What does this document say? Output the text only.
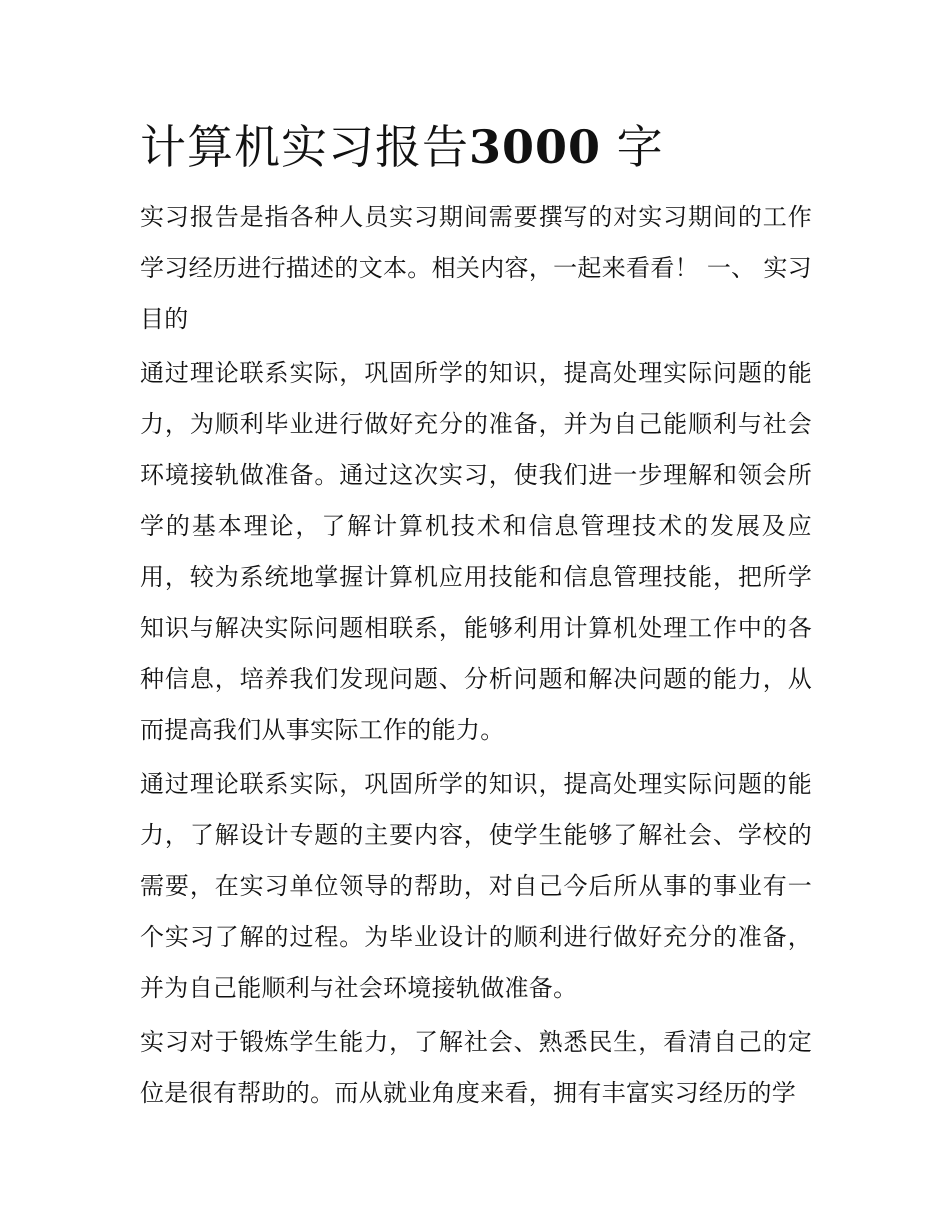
计算机实习报告3000 字

实习报告是指各种人员实习期间需要撰写的对实习期间的工作学习经历进行描述的文本。相关内容，一起来看看！ 一、 实习目的

通过理论联系实际，巩固所学的知识，提高处理实际问题的能力，为顺利毕业进行做好充分的准备，并为自己能顺利与社会环境接轨做准备。通过这次实习，使我们进一步理解和领会所学的基本理论，了解计算机技术和信息管理技术的发展及应用，较为系统地掌握计算机应用技能和信息管理技能，把所学知识与解决实际问题相联系，能够利用计算机处理工作中的各种信息，培养我们发现问题、分析问题和解决问题的能力，从而提高我们从事实际工作的能力。

通过理论联系实际，巩固所学的知识，提高处理实际问题的能力，了解设计专题的主要内容，使学生能够了解社会、学校的需要，在实习单位领导的帮助，对自己今后所从事的事业有一个实习了解的过程。为毕业设计的顺利进行做好充分的准备，并为自己能顺利与社会环境接轨做准备。

实习对于锻炼学生能力，了解社会、熟悉民生，看清自己的定位是很有帮助的。而从就业角度来看，拥有丰富实习经历的学
